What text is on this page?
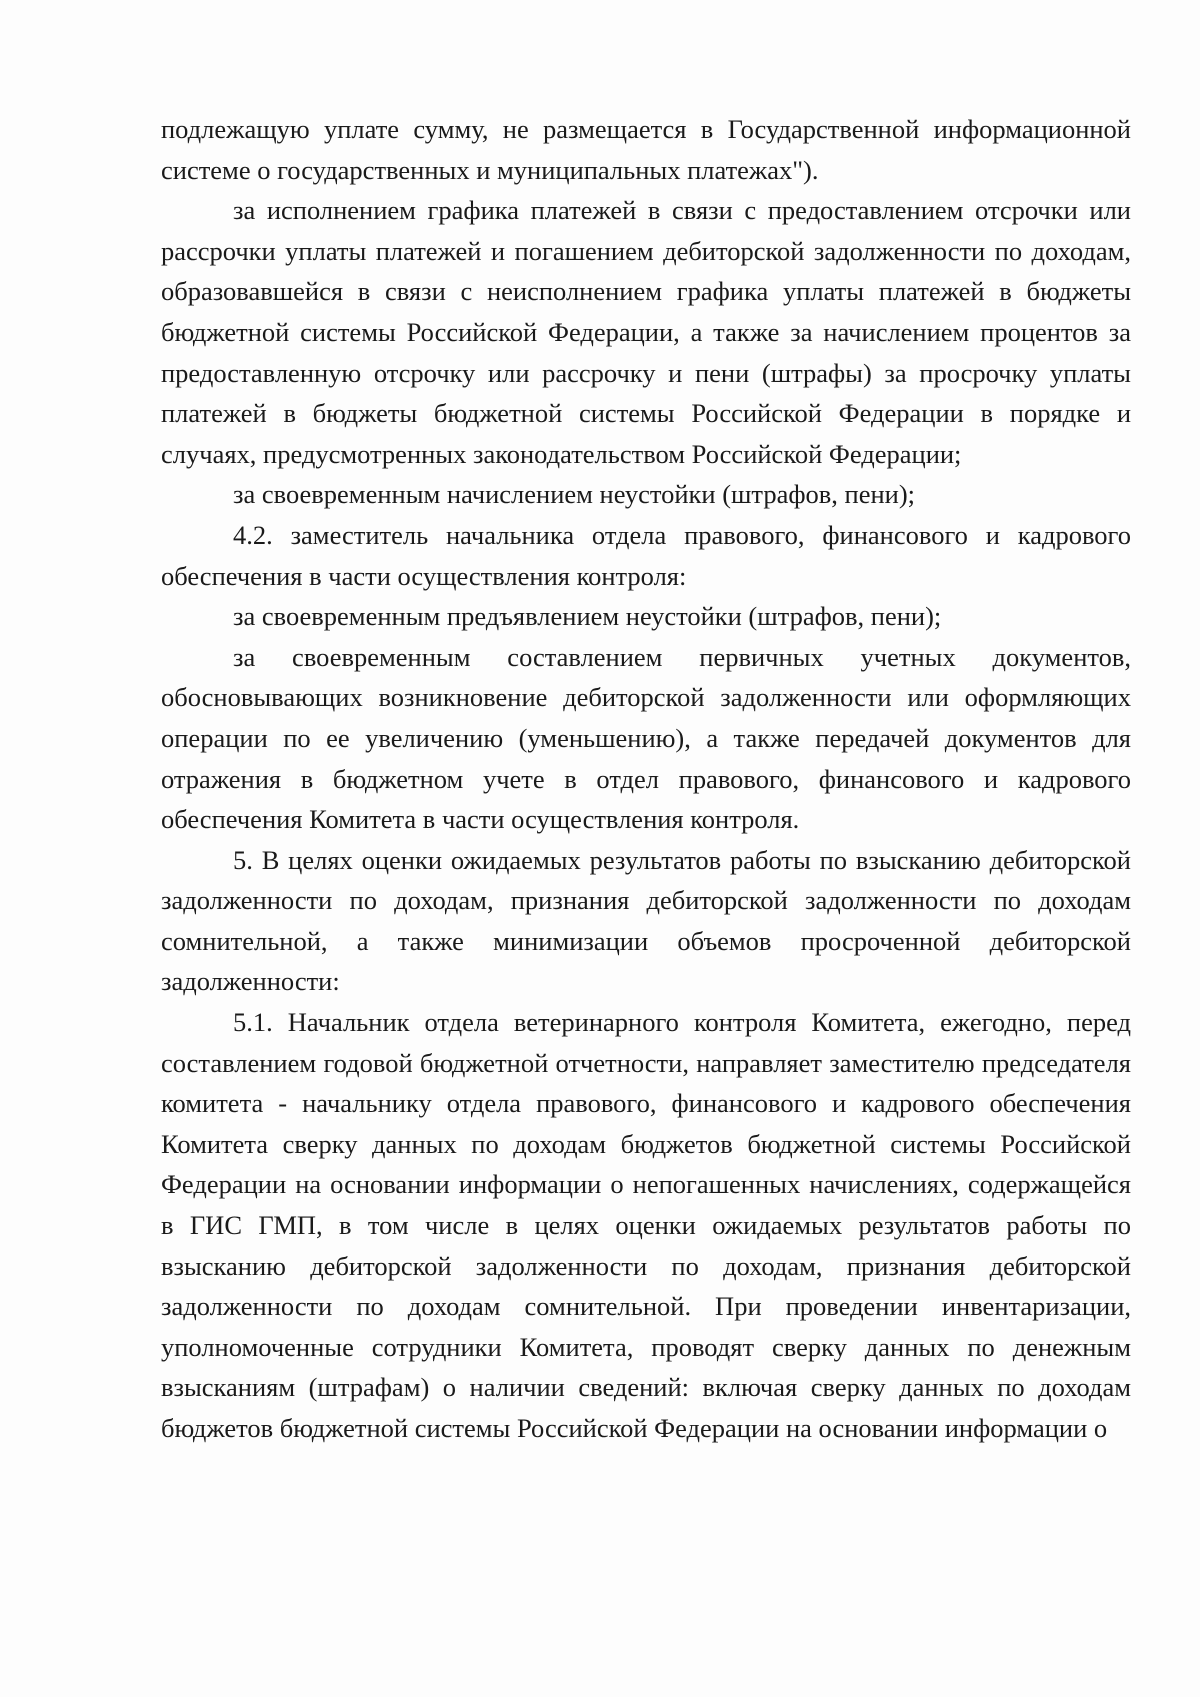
подлежащую уплате сумму, не размещается в Государственной информационной системе о государственных и муниципальных платежах").

за исполнением графика платежей в связи с предоставлением отсрочки или рассрочки уплаты платежей и погашением дебиторской задолженности по доходам, образовавшейся в связи с неисполнением графика уплаты платежей в бюджеты бюджетной системы Российской Федерации, а также за начислением процентов за предоставленную отсрочку или рассрочку и пени (штрафы) за просрочку уплаты платежей в бюджеты бюджетной системы Российской Федерации в порядке и случаях, предусмотренных законодательством Российской Федерации;

за своевременным начислением неустойки (штрафов, пени);

4.2. заместитель начальника отдела правового, финансового и кадрового обеспечения в части осуществления контроля:

за своевременным предъявлением неустойки (штрафов, пени);

за своевременным составлением первичных учетных документов, обосновывающих возникновение дебиторской задолженности или оформляющих операции по ее увеличению (уменьшению), а также передачей документов для отражения в бюджетном учете в отдел правового, финансового и кадрового обеспечения Комитета в части осуществления контроля.

5. В целях оценки ожидаемых результатов работы по взысканию дебиторской задолженности по доходам, признания дебиторской задолженности по доходам сомнительной, а также минимизации объемов просроченной дебиторской задолженности:

5.1. Начальник отдела ветеринарного контроля Комитета, ежегодно, перед составлением годовой бюджетной отчетности, направляет заместителю председателя комитета - начальнику отдела правового, финансового и кадрового обеспечения Комитета сверку данных по доходам бюджетов бюджетной системы Российской Федерации на основании информации о непогашенных начислениях, содержащейся в ГИС ГМП, в том числе в целях оценки ожидаемых результатов работы по взысканию дебиторской задолженности по доходам, признания дебиторской задолженности по доходам сомнительной. При проведении инвентаризации, уполномоченные сотрудники Комитета, проводят сверку данных по денежным взысканиям (штрафам) о наличии сведений: включая сверку данных по доходам бюджетов бюджетной системы Российской Федерации на основании информации о
